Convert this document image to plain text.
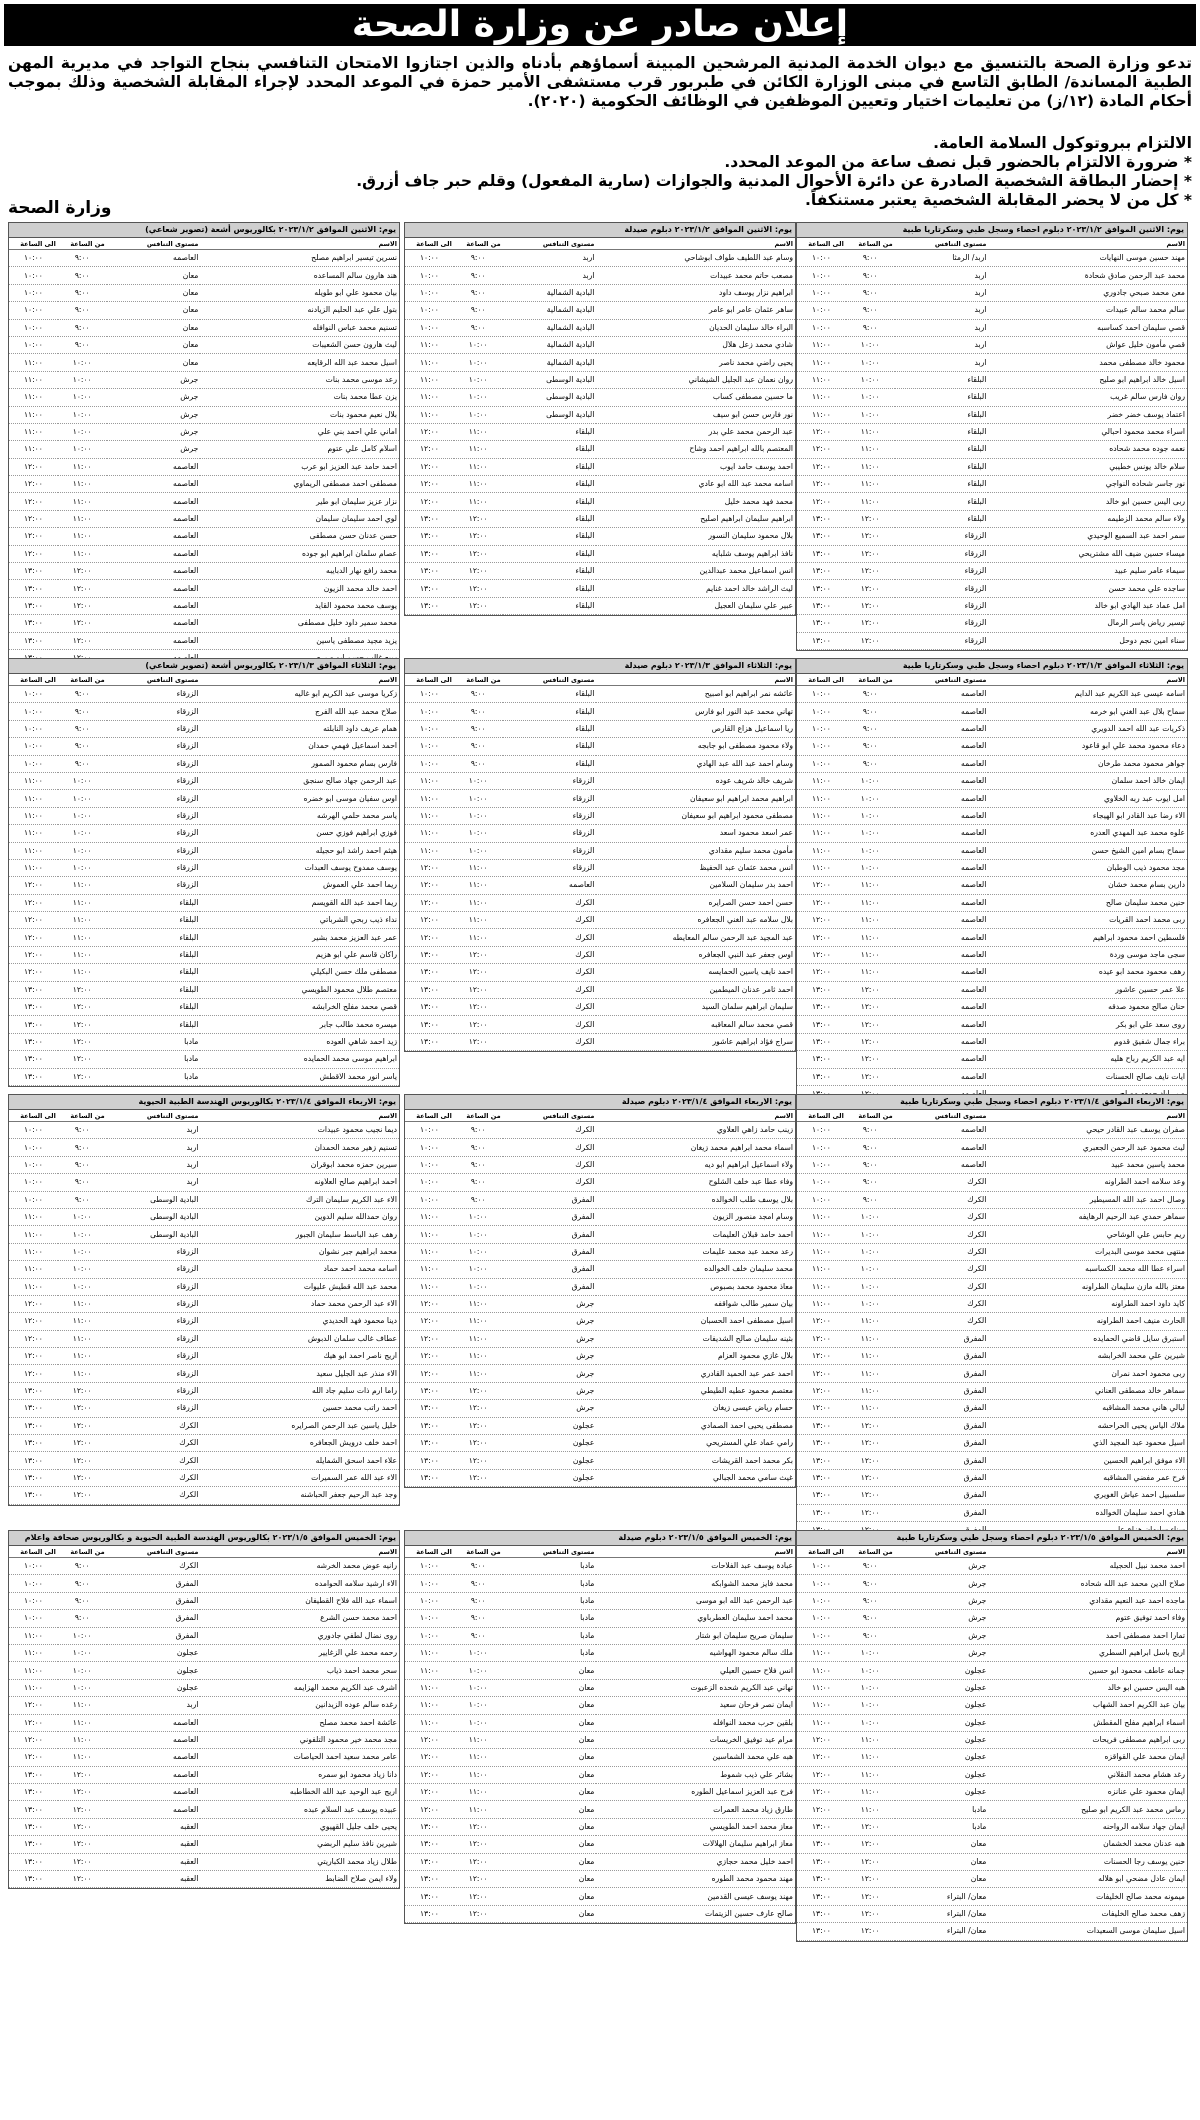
إعلان صادر عن وزارة الصحة
تدعو وزارة الصحة بالتنسيق مع ديوان الخدمة المدنية المرشحين المبينة أسماؤهم بأدناه والذين اجتازوا الامتحان التنافسي بنجاح التواجد في مديرية المهن الطبية المساندة/ الطابق التاسع في مبنى الوزارة الكائن في طبربور قرب مستشفى الأمير حمزة في الموعد المحدد لإجراء المقابلة الشخصية وذلك بموجب أحكام المادة (١٢/ز) من تعليمات اختيار وتعيين الموظفين في الوظائف الحكومية (٢٠٢٠).
الالتزام ببروتوكول السلامة العامة.
* ضرورة الالتزام بالحضور قبل نصف ساعة من الموعد المحدد.
* إحضار البطاقة الشخصية الصادرة عن دائرة الأحوال المدنية والجوازات (سارية المفعول) وقلم حبر جاف أزرق.
* كل من لا يحضر المقابلة الشخصية يعتبر مستنكفاً.
وزارة الصحة
يوم: الاثنين الموافق ٢٠٢٣/١/٢ دبلوم احصاء وسجل طبي وسكرتاريا طبية
الاسم	مستوى التنافس	من الساعة	الى الساعة
مهند حسين موسى النهايات	اربد/ الرمثا	٩:٠٠	١٠:٠٠
محمد عبد الرحمن صادق شحادة	اربد	٩:٠٠	١٠:٠٠
معن محمد صبحي جادوري	اربد	٩:٠٠	١٠:٠٠
سالم محمد سالم عبيدات	اربد	٩:٠٠	١٠:٠٠
قصي سليمان احمد كساسبه	اربد	٩:٠٠	١٠:٠٠
قصي مأمون خليل عواش	اربد	١٠:٠٠	١١:٠٠
محمود خالد مصطفى محمد	اربد	١٠:٠٠	١١:٠٠
اسيل خالد ابراهيم ابو صليح	البلقاء	١٠:٠٠	١١:٠٠
روان فارس سالم غريب	البلقاء	١٠:٠٠	١١:٠٠
اعتماد يوسف خضر خضر	البلقاء	١٠:٠٠	١١:٠٠
اسراء محمد محمود احبالي	البلقاء	١١:٠٠	١٢:٠٠
نعمه جوده محمد شحاده	البلقاء	١١:٠٠	١٢:٠٠
سلام خالد يونس خطيبي	البلقاء	١١:٠٠	١٢:٠٠
نور جاسر شحاده النواجي	البلقاء	١١:٠٠	١٢:٠٠
ربى اليس حسين ابو خالد	البلقاء	١١:٠٠	١٢:٠٠
ولاء سالم محمد الزطيمه	البلقاء	١٢:٠٠	١٣:٠٠
سمر احمد عبد السميع الوحيدي	الزرقاء	١٢:٠٠	١٣:٠٠
ميساء حسين ضيف الله مشتريحي	الزرقاء	١٢:٠٠	١٣:٠٠
سيماء عامر سليم عبيد	الزرقاء	١٢:٠٠	١٣:٠٠
ساجده علي محمد حسن	الزرقاء	١٢:٠٠	١٣:٠٠
امل عماد عبد الهادي ابو خالد	الزرقاء	١٢:٠٠	١٣:٠٠
تيسير رياض ياسر الرمال	الزرقاء	١٢:٠٠	١٣:٠٠
سناء امين نجم دوحل	الزرقاء	١٢:٠٠	١٣:٠٠
يوم: الاثنين الموافق ٢٠٢٣/١/٢ دبلوم صيدلة
الاسم	مستوى التنافس	من الساعة	الى الساعة
وسام عبد اللطيف طواف ابوشاحي	اربد	٩:٠٠	١٠:٠٠
مصعب حاتم محمد عبيدات	اربد	٩:٠٠	١٠:٠٠
ابراهيم نزار يوسف داود	البادية الشمالية	٩:٠٠	١٠:٠٠
ساهر عثمان عامر ابو عامر	البادية الشمالية	٩:٠٠	١٠:٠٠
البراء خالد سليمان الحديان	البادية الشمالية	٩:٠٠	١٠:٠٠
شادي محمد زعل هلال	البادية الشمالية	١٠:٠٠	١١:٠٠
يحيى راضي محمد ناصر	البادية الشمالية	١٠:٠٠	١١:٠٠
روان نعمان عبد الجليل الشيشاني	البادية الوسطى	١٠:٠٠	١١:٠٠
ما حسين مصطفى كساب	البادية الوسطى	١٠:٠٠	١١:٠٠
نور فارس حسن ابو سيف	البادية الوسطى	١٠:٠٠	١١:٠٠
عبد الرحمن محمد علي بدر	البلقاء	١١:٠٠	١٢:٠٠
المعتصم بالله ابراهيم احمد وشاح	البلقاء	١١:٠٠	١٢:٠٠
احمد يوسف حامد ايوب	البلقاء	١١:٠٠	١٢:٠٠
اسامه محمد عبد الله ابو عادي	البلقاء	١١:٠٠	١٢:٠٠
محمد فهد محمد خليل	البلقاء	١١:٠٠	١٢:٠٠
ابراهيم سليمان ابراهيم اصليح	البلقاء	١٢:٠٠	١٣:٠٠
بلال محمود سليمان النسور	البلقاء	١٢:٠٠	١٣:٠٠
نافذ ابراهيم يوسف شلبايه	البلقاء	١٢:٠٠	١٣:٠٠
انس اسماعيل محمد عبدالدين	البلقاء	١٢:٠٠	١٣:٠٠
ليث الراشد خالد احمد غنايم	البلقاء	١٢:٠٠	١٣:٠٠
عبير علي سليمان العجيل	البلقاء	١٢:٠٠	١٣:٠٠
يوم: الاثنين الموافق ٢٠٢٣/١/٢ بكالوريوس أشعة (تصوير شعاعي)
الاسم	مستوى التنافس	من الساعة	الى الساعة
نسرين تيسير ابراهيم مصلح	العاصمه	٩:٠٠	١٠:٠٠
هند هارون سالم المساعده	معان	٩:٠٠	١٠:٠٠
بيان محمود علي ابو طويله	معان	٩:٠٠	١٠:٠٠
بتول علي عبد الحليم الزيادنه	معان	٩:٠٠	١٠:٠٠
تسنيم محمد عباس النوافله	معان	٩:٠٠	١٠:٠٠
ليث هارون حسن الشعيبات	معان	٩:٠٠	١٠:٠٠
اسيل محمد عبد الله الرقايعه	معان	١٠:٠٠	١١:٠٠
رعد موسى محمد بنات	جرش	١٠:٠٠	١١:٠٠
يزن عطا محمد بنات	جرش	١٠:٠٠	١١:٠٠
بلال نعيم محمود بنات	جرش	١٠:٠٠	١١:٠٠
اماني علي احمد بني علي	جرش	١٠:٠٠	١١:٠٠
اسلام كامل علي عتوم	جرش	١٠:٠٠	١١:٠٠
احمد حامد عبد العزيز ابو عرب	العاصمه	١١:٠٠	١٢:٠٠
مصطفى احمد مصطفى الريماوي	العاصمه	١١:٠٠	١٢:٠٠
نزار عزيز سليمان ابو طير	العاصمه	١١:٠٠	١٢:٠٠
لوي احمد سليمان سليمان	العاصمه	١١:٠٠	١٢:٠٠
حسن عدنان حسن مصطفى	العاصمه	١١:٠٠	١٢:٠٠
عصام سلمان ابراهيم ابو جوده	العاصمه	١١:٠٠	١٢:٠٠
محمد رافع نهار الدبايبه	العاصمه	١٢:٠٠	١٣:٠٠
احمد خالد محمد الزيون	العاصمه	١٢:٠٠	١٣:٠٠
يوسف محمد محمود القايد	العاصمه	١٢:٠٠	١٣:٠٠
محمد سمير داود خليل مصطفى	العاصمه	١٢:٠٠	١٣:٠٠
يزيد مجيد مصطفى ياسين	العاصمه	١٢:٠٠	١٣:٠٠

يوم: الثلاثاء الموافق ٢٠٢٣/١/٣ دبلوم احصاء وسجل طبي وسكرتاريا طبية
الاسم	مستوى التنافس	من الساعة	الى الساعة
اسامه عيسى عبد الكريم عبد الدايم	العاصمه	٩:٠٠	١٠:٠٠
سماح بلال عبد الغني ابو خرمه	العاصمه	٩:٠٠	١٠:٠٠
ذكريات عبد الله احمد الدويري	العاصمه	٩:٠٠	١٠:٠٠
دعاء محمود محمد علي ابو قاعود	العاصمه	٩:٠٠	١٠:٠٠
جواهر محمود محمد طرخان	العاصمه	٩:٠٠	١٠:٠٠
ايمان خالد احمد سلمان	العاصمه	١٠:٠٠	١١:٠٠
امل ايوب عبد ربه الخلاوي	العاصمه	١٠:٠٠	١١:٠٠
الاء رضا عبد القادر ابو الهيجاء	العاصمه	١٠:٠٠	١١:٠٠
علوه محمد عبد المهدي العدره	العاصمه	١٠:٠٠	١١:٠٠
سماح بسام امين الشيخ حسن	العاصمه	١٠:٠٠	١١:٠٠
مجد محمود ذيب الوطبان	العاصمه	١٠:٠٠	١١:٠٠
دارين بسام محمد خشان	العاصمه	١١:٠٠	١٢:٠٠
حنين محمد سليمان صالح	العاصمه	١١:٠٠	١٢:٠٠
ربى محمد احمد القريات	العاصمه	١١:٠٠	١٢:٠٠
فلسطين احمد محمود ابراهيم	العاصمه	١١:٠٠	١٢:٠٠
سجى ماجد موسى وردة	العاصمه	١١:٠٠	١٢:٠٠
رهف محمود محمد ابو عيده	العاصمه	١١:٠٠	١٢:٠٠
علا عمر حسين عاشور	العاصمه	١٢:٠٠	١٣:٠٠
حنان صالح محمود صدقه	العاصمه	١٢:٠٠	١٣:٠٠
روى سعد علي ابو بكر	العاصمه	١٢:٠٠	١٣:٠٠
براء جمال شفيق قدوم	العاصمه	١٢:٠٠	١٣:٠٠
ايه عبد الكريم رباح هليه	العاصمه	١٢:٠٠	١٣:٠٠
ايات نايف صالح الحسنات	العاصمه	١٢:٠٠	١٣:٠٠

يوم: الثلاثاء الموافق ٢٠٢٣/١/٣ دبلوم صيدلة
الاسم	مستوى التنافس	من الساعة	الى الساعة
عائشه نمر ابراهيم ابو اصبيح	البلقاء	٩:٠٠	١٠:٠٠
تهاني محمد عبد النور ابو فارس	البلقاء	٩:٠٠	١٠:٠٠
ريا اسماعيل هزاع القارص	البلقاء	٩:٠٠	١٠:٠٠
ولاء محمود مصطفى ابو جابجه	البلقاء	٩:٠٠	١٠:٠٠
وسام احمد عبد الله عبد الهادي	البلقاء	٩:٠٠	١٠:٠٠
شريف خالد شريف عوده	الزرقاء	١٠:٠٠	١١:٠٠
ابراهيم محمد ابراهيم ابو سعيفان	الزرقاء	١٠:٠٠	١١:٠٠
مصطفى محمود ابراهيم ابو سعيفان	الزرقاء	١٠:٠٠	١١:٠٠
عمر اسعد محمود اسعد	الزرقاء	١٠:٠٠	١١:٠٠
مأمون محمد سليم مقدادي	الزرقاء	١٠:٠٠	١١:٠٠
انس محمد عثمان عبد الحفيظ	الزرقاء	١١:٠٠	١٢:٠٠
احمد بدر سليمان السلامين	العاصمه	١١:٠٠	١٢:٠٠
حسن احمد حسن الصرايره	الكرك	١١:٠٠	١٢:٠٠
بلال سلامه عبد الغني الجعافره	الكرك	١١:٠٠	١٢:٠٠
عبد المجيد عبد الرحمن سالم المعايطه	الكرك	١١:٠٠	١٢:٠٠
اوس جعفر عبد النبي الجعافره	الكرك	١٢:٠٠	١٣:٠٠
احمد نايف ياسين الحمايسه	الكرك	١٢:٠٠	١٣:٠٠
احمد ثامر عدنان الميطمين	الكرك	١٢:٠٠	١٣:٠٠
سليمان ابراهيم سلمان السيد	الكرك	١٢:٠٠	١٣:٠٠
قصي محمد سالم المعاقبه	الكرك	١٢:٠٠	١٣:٠٠
سراج فؤاد ابراهيم عاشور	الكرك	١٢:٠٠	١٣:٠٠
يوم: الثلاثاء الموافق ٢٠٢٣/١/٣ بكالوريوس أشعة (تصوير شعاعي)
الاسم	مستوى التنافس	من الساعة	الى الساعة
زكريا موسى عبد الكريم ابو غاليه	الزرقاء	٩:٠٠	١٠:٠٠
صلاح محمد عبد الله الفرج	الزرقاء	٩:٠٠	١٠:٠٠
همام عريف داود النابلته	الزرقاء	٩:٠٠	١٠:٠٠
احمد اسماعيل فهمي حمدان	الزرقاء	٩:٠٠	١٠:٠٠
فارس بسام محمود الصمور	الزرقاء	٩:٠٠	١٠:٠٠
عبد الرحمن جهاد صالح سنجق	الزرقاء	١٠:٠٠	١١:٠٠
اوس سفيان موسى ابو خضره	الزرقاء	١٠:٠٠	١١:٠٠
ياسر محمد حلمي الهرشه	الزرقاء	١٠:٠٠	١١:٠٠
فوزي ابراهيم فوزي حسن	الزرقاء	١٠:٠٠	١١:٠٠
هيثم احمد راشد ابو حجيله	الزرقاء	١٠:٠٠	١١:٠٠
يوسف ممدوح يوسف العبدات	الزرقاء	١٠:٠٠	١١:٠٠
ريما احمد علي العموش	الزرقاء	١١:٠٠	١٢:٠٠
ريما احمد عبد الله القويسم	البلقاء	١١:٠٠	١٢:٠٠
نداء ذيب ربحي الشرباتي	البلقاء	١١:٠٠	١٢:٠٠
عمر عبد العزيز محمد بشير	البلقاء	١١:٠٠	١٢:٠٠
راكان قاسم علي ابو هزيم	البلقاء	١١:٠٠	١٢:٠٠
مصطفى ملك حسن البكيلي	البلقاء	١١:٠٠	١٢:٠٠
معتصم طلال محمود الطويسي	البلقاء	١٢:٠٠	١٣:٠٠
قصي محمد مفلح الخرابشه	البلقاء	١٢:٠٠	١٣:٠٠
ميسره محمد طالب جابر	البلقاء	١٢:٠٠	١٣:٠٠
زيد احمد شاهي العوده	مادبا	١٢:٠٠	١٣:٠٠
ابراهيم موسى محمد الحمايده	مادبا	١٢:٠٠	١٣:٠٠
ياسر انور محمد الاقطش	مادبا	١٢:٠٠	١٣:٠٠
يوم: الاربعاء الموافق ٢٠٢٣/١/٤ دبلوم احصاء وسجل طبي وسكرتاريا طبية
الاسم	مستوى التنافس	من الساعة	الى الساعة
صفران يوسف عبد القادر حيحي	العاصمه	٩:٠٠	١٠:٠٠
ليث محمود عبد الرحمن الجعبري	العاصمه	٩:٠٠	١٠:٠٠
محمد ياسين محمد عبيد	العاصمه	٩:٠٠	١٠:٠٠
وعد سلامه احمد الطراونه	الكرك	٩:٠٠	١٠:٠٠
وصال احمد عبد الله المسيطير	الكرك	٩:٠٠	١٠:٠٠
سماهر حمدي عبد الرحيم الرهايفه	الكرك	١٠:٠٠	١١:٠٠
ريم حابس علي الوشاحي	الكرك	١٠:٠٠	١١:٠٠
منتهى محمد موسى البديرات	الكرك	١٠:٠٠	١١:٠٠
اسراء عطا الله محمد الكساسبه	الكرك	١٠:٠٠	١١:٠٠
معتز بالله مازن سليمان الطراونه	الكرك	١٠:٠٠	١١:٠٠
كايد داود احمد الطراونه	الكرك	١٠:٠٠	١١:٠٠
الحارث منيف احمد الطراونه	الكرك	١١:٠٠	١٢:٠٠
استبرق سايل قاضي الحمايده	المفرق	١١:٠٠	١٢:٠٠
شيرين علي محمد الخرابشه	المفرق	١١:٠٠	١٢:٠٠
ربى محمود احمد نمران	المفرق	١١:٠٠	١٢:٠٠
سماهر خالد مصطفى العناني	المفرق	١١:٠٠	١٢:٠٠
ليالي هاني محمد المشاقبه	المفرق	١١:٠٠	١٢:٠٠
ملاك الياس يحيى الحراحشه	المفرق	١٢:٠٠	١٣:٠٠
اسيل محمود عبد المجيد الذي	المفرق	١٢:٠٠	١٣:٠٠
الاء موفق ابراهيم الحسين	المفرق	١٢:٠٠	١٣:٠٠
فرح عمر مفضي المشاقبه	المفرق	١٢:٠٠	١٣:٠٠
سلسبيل احمد عياش الغويري	المفرق	١٢:٠٠	١٣:٠٠
هنادي احمد سليمان الخوالده	المفرق	١٢:٠٠	١٣:٠٠

يوم: الاربعاء الموافق ٢٠٢٣/١/٤ دبلوم صيدلة
الاسم	مستوى التنافس	من الساعة	الى الساعة
زينب حامد زاهي العلاوي	الكرك	٩:٠٠	١٠:٠٠
اسماء محمد ابراهيم محمد زيغان	الكرك	٩:٠٠	١٠:٠٠
ولاء اسماعيل ابراهيم ابو ديه	الكرك	٩:٠٠	١٠:٠٠
وفاء عطا عبد خلف الشلوح	الكرك	٩:٠٠	١٠:٠٠
بلال يوسف طلب الخوالده	المفرق	٩:٠٠	١٠:٠٠
وسام امجد منصور الزيون	المفرق	١٠:٠٠	١١:٠٠
احمد حامد قبلان العليمات	المفرق	١٠:٠٠	١١:٠٠
رعد محمد عبد محمد عليمات	المفرق	١٠:٠٠	١١:٠٠
محمد سليمان خلف الخوالده	المفرق	١٠:٠٠	١١:٠٠
معاذ محمود محمد بصبوص	المفرق	١٠:٠٠	١١:٠٠
بيان سمير طالب شواقفه	جرش	١١:٠٠	١٢:٠٠
اسيل مصطفى احمد الحسبان	جرش	١١:٠٠	١٢:٠٠
بثينه سليمان صالح الشديفات	جرش	١١:٠٠	١٢:٠٠
بلال غازي محمود العزام	جرش	١١:٠٠	١٢:٠٠
احمد عمر عبد الحميد القادري	جرش	١١:٠٠	١٢:٠٠
معتصم محمود عطيه الطيطي	جرش	١٢:٠٠	١٣:٠٠
حسام رياض عيسى زيغان	جرش	١٢:٠٠	١٣:٠٠
مصطفى يحيى احمد الصمادي	عجلون	١٢:٠٠	١٣:٠٠
رامي عماد علي المستريحي	عجلون	١٢:٠٠	١٣:٠٠
بكر محمد احمد القريشات	عجلون	١٢:٠٠	١٣:٠٠
غيث سامي محمد الجبالي	عجلون	١٢:٠٠	١٣:٠٠
يوم: الاربعاء الموافق ٢٠٢٣/١/٤ بكالوريوس الهندسة الطبية الحيوية
الاسم	مستوى التنافس	من الساعة	الى الساعة
ديما نجيب محمود عبيدات	اربد	٩:٠٠	١٠:٠٠
تسنيم زهير محمد الحمدان	اربد	٩:٠٠	١٠:٠٠
سيرين حمزه محمد ابوقران	اربد	٩:٠٠	١٠:٠٠
احمد ابراهيم صالح العلاونه	اربد	٩:٠٠	١٠:٠٠
الاء عبد الكريم سليمان الترك	البادية الوسطى	٩:٠٠	١٠:٠٠
روان حمدالله سليم الدوين	البادية الوسطى	١٠:٠٠	١١:٠٠
رهف عبد الباسط سليمان الجبور	البادية الوسطى	١٠:٠٠	١١:٠٠
محمد ابراهيم جبر نشوان	الزرقاء	١٠:٠٠	١١:٠٠
اسامه محمد احمد حماد	الزرقاء	١٠:٠٠	١١:٠٠
محمد عبد الله قطيش عليوات	الزرقاء	١٠:٠٠	١١:٠٠
الاء عبد الرحمن محمد حماد	الزرقاء	١١:٠٠	١٢:٠٠
دينا محمود فهد الحديدي	الزرقاء	١١:٠٠	١٢:٠٠
عطاف غالب سلمان الدبوش	الزرقاء	١١:٠٠	١٢:٠٠
اريج ناصر احمد ابو هيك	الزرقاء	١١:٠٠	١٢:٠٠
الاء منذر عبد الجليل سعيد	الزرقاء	١١:٠٠	١٢:٠٠
راما ارم ذات سليم جاد الله	الزرقاء	١٢:٠٠	١٣:٠٠
احمد راتب محمد حسين	الزرقاء	١٢:٠٠	١٣:٠٠
خليل ياسين عبد الرحمن الصرايره	الكرك	١٢:٠٠	١٣:٠٠
احمد خلف درويش الجعافره	الكرك	١٢:٠٠	١٣:٠٠
علاء احمد اسحق الشمايله	الكرك	١٢:٠٠	١٣:٠٠
الاء عبد الله عمر السميرات	الكرك	١٢:٠٠	١٣:٠٠
وجد عبد الرحيم جعفر الحباشنه	الكرك	١٢:٠٠	١٣:٠٠
يوم: الخميس الموافق ٢٠٢٣/١/٥ دبلوم احصاء وسجل طبي وسكرتاريا طبية
الاسم	مستوى التنافس	من الساعة	الى الساعة
احمد محمد نبيل الحجيله	جرش	٩:٠٠	١٠:٠٠
صلاح الدين محمد عبد الله شحاده	جرش	٩:٠٠	١٠:٠٠
ماجده احمد عبد النعيم مقدادي	جرش	٩:٠٠	١٠:٠٠
وفاء احمد توفيق عتوم	جرش	٩:٠٠	١٠:٠٠
تمارا احمد مصطفى احمد	جرش	٩:٠٠	١٠:٠٠
اريج باسل ابراهيم السطري	جرش	١٠:٠٠	١١:٠٠
جمانه عاطف محمود ابو حسين	عجلون	١٠:٠٠	١١:٠٠
هبه اليس حسين ابو خالد	عجلون	١٠:٠٠	١١:٠٠
بيان عبد الكريم احمد الشهاب	عجلون	١٠:٠٠	١١:٠٠
اسماء ابراهيم مفلح المقطش	عجلون	١٠:٠٠	١١:٠٠
ربى ابراهيم مصطفى فريحات	عجلون	١١:٠٠	١٢:٠٠
ايمان محمد علي القواقزه	عجلون	١١:٠٠	١٢:٠٠
رغد هشام محمد النقلاني	عجلون	١١:٠٠	١٢:٠٠
ايمان محمود علي عنانزه	عجلون	١١:٠٠	١٢:٠٠
رماس محمد عبد الكريم ابو صليح	مادبا	١١:٠٠	١٢:٠٠
ايمان جهاد سلامه الرواحنه	مادبا	١٢:٠٠	١٣:٠٠
هبه عدنان محمد الخشمان	معان	١٢:٠٠	١٣:٠٠
حنين يوسف رجا الحسنات	معان	١٢:٠٠	١٣:٠٠
ايمان عادل مضحي ابو هلاله	معان	١٢:٠٠	١٣:٠٠
ميمونه محمد صالح الخليفات	معان/ البتراء	١٢:٠٠	١٣:٠٠
زهف محمد صالح الخليفات	معان/ البتراء	١٢:٠٠	١٣:٠٠
اسيل سليمان موسى السعيدات	معان/ البتراء	١٢:٠٠	١٣:٠٠
يوم: الخميس الموافق ٢٠٢٣/١/٥ دبلوم صيدلة
الاسم	مستوى التنافس	من الساعة	الى الساعة
عبادة يوسف عبد الفلاحات	مادبا	٩:٠٠	١٠:٠٠
محمد فايز محمد الشوابكه	مادبا	٩:٠٠	١٠:٠٠
عبد الرحمن عبد الله ابو موسى	مادبا	٩:٠٠	١٠:٠٠
محمد احمد سليمان العطرباوي	مادبا	٩:٠٠	١٠:٠٠
سليمان صريح سليمان ابو شتار	مادبا	٩:٠٠	١٠:٠٠
ملك سالم محمود الهواشيه	مادبا	١٠:٠٠	١١:٠٠
انس فلاح حسين العيلي	معان	١٠:٠٠	١١:٠٠
تهاني عبد الكريم شحده الزعبوت	معان	١٠:٠٠	١١:٠٠
ايمان نصر فرحان سعيد	معان	١٠:٠٠	١١:٠٠
بلقين حرب محمد النوافله	معان	١٠:٠٠	١١:٠٠
مرام عيد توفيق الخريسات	معان	١١:٠٠	١٢:٠٠
هبه علي محمد الشماسين	معان	١١:٠٠	١٢:٠٠
بشائر علي ذيب شموط	معان	١١:٠٠	١٢:٠٠
فرح عبد العزيز اسماعيل الطوره	معان	١١:٠٠	١٢:٠٠
طارق زياد محمد العمرات	معان	١١:٠٠	١٢:٠٠
معاز محمد احمد الطويسي	معان	١٢:٠٠	١٣:٠٠
معاز ابراهيم سليمان الهلالات	معان	١٢:٠٠	١٣:٠٠
احمد خليل محمد حجازي	معان	١٢:٠٠	١٣:٠٠
مهند محمود محمد الطوره	معان	١٢:٠٠	١٣:٠٠
مهند يوسف عيسى القدمين	معان	١٢:٠٠	١٣:٠٠
صالح عارف حسين الزيتمات	معان	١٢:٠٠	١٣:٠٠
يوم: الخميس الموافق ٢٠٢٣/١/٥ بكالوريوس الهندسة الطبية الحيوية و بكالوريوس صحافة واعلام
الاسم	مستوى التنافس	من الساعة	الى الساعة
رانيه عوض محمد الخرشه	الكرك	٩:٠٠	١٠:٠٠
الاء ارشيد سلامه الحوامده	المفرق	٩:٠٠	١٠:٠٠
اسماء عبد الله فلاح القطيفان	المفرق	٩:٠٠	١٠:٠٠
احمد محمد حسن الشرع	المفرق	٩:٠٠	١٠:٠٠
روى نضال لطفي جادوري	المفرق	١٠:٠٠	١١:٠٠
رحمه محمد علي الزغايير	عجلون	١٠:٠٠	١١:٠٠
سحر محمد احمد ذياب	عجلون	١٠:٠٠	١١:٠٠
اشرف عبد الكريم محمد الهزايمه	عجلون	١٠:٠٠	١١:٠٠
رغده سالم عوده الزيدانين	اربد	١١:٠٠	١٢:٠٠
عائشة احمد محمد مصلح	العاصمه	١١:٠٠	١٢:٠٠
مجد محمد خير محمود التلفوني	العاصمه	١١:٠٠	١٢:٠٠
عامر محمد سعيد احمد الحياصات	العاصمه	١١:٠٠	١٢:٠٠
دانا زياد محمود ابو سمره	العاصمه	١٢:٠٠	١٣:٠٠
اريج عبد الوحيد عبد الله الخطاطبه	العاصمه	١٢:٠٠	١٣:٠٠
عبيده يوسف عبد السلام عبده	العاصمه	١٢:٠٠	١٣:٠٠
يحيى خلف جليل القهيوي	العقبه	١٢:٠٠	١٣:٠٠
شيرين نافذ سليم الربضي	العقبه	١٢:٠٠	١٣:٠٠
طلال زياد محمد الكباريتي	العقبه	١٢:٠٠	١٣:٠٠
ولاء ايمن صلاح الضابط	العقبه	١٢:٠٠	١٣:٠٠
